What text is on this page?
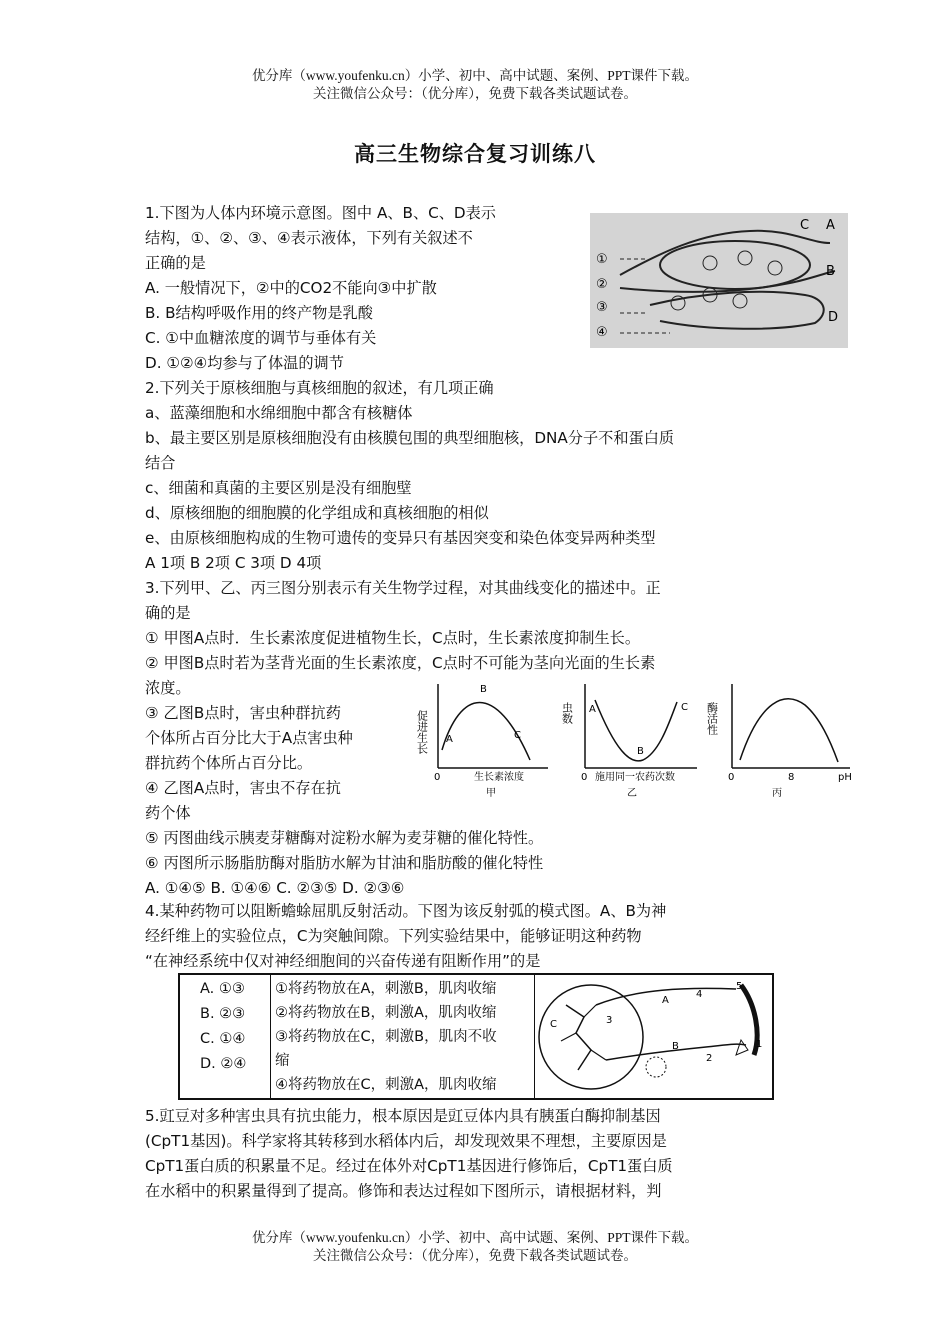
优分库（www.youfenku.cn）小学、初中、高中试题、案例、PPT课件下载。
关注微信公众号：（优分库），免费下载各类试题试卷。
高三生物综合复习训练八
1.下图为人体内环境示意图。图中 A、B、C、D表示
结构，①、②、③、④表示液体，下列有关叙述不
正确的是
A. 一般情况下，②中的CO2不能向③中扩散
B. B结构呼吸作用的终产物是乳酸
C. ①中血糖浓度的调节与垂体有关
D. ①②④均参与了体温的调节
C A
B
D
①
②
③
④
2.下列关于原核细胞与真核细胞的叙述，有几项正确
a、蓝藻细胞和水绵细胞中都含有核糖体
b、最主要区别是原核细胞没有由核膜包围的典型细胞核，DNA分子不和蛋白质
结合
c、细菌和真菌的主要区别是没有细胞壁
d、原核细胞的细胞膜的化学组成和真核细胞的相似
e、由原核细胞构成的生物可遗传的变异只有基因突变和染色体变异两种类型
A 1项 B 2项 C 3项 D 4项
3.下列甲、乙、丙三图分别表示有关生物学过程，对其曲线变化的描述中。正
确的是
① 甲图A点时．生长素浓度促进植物生长，C点时，生长素浓度抑制生长。
② 甲图B点时若为茎背光面的生长素浓度，C点时不可能为茎向光面的生长素
浓度。
③ 乙图B点时，害虫种群抗药
个体所占百分比大于A点害虫种
群抗药个体所占百分比。
④ 乙图A点时，害虫不存在抗
药个体
⑤ 丙图曲线示胰麦芽糖酶对淀粉水解为麦芽糖的催化特性。
⑥ 丙图所示肠脂肪酶对脂肪水解为甘油和脂肪酸的催化特性
A. ①④⑤ B. ①④⑥ C. ②③⑤ D. ②③⑥
促进生长 A
B
C
0	生长素浓度
甲
虫数 A
B
C
0 施用同一农药次数
乙
酶活性
0	8	pH
丙
4.某种药物可以阻断蟾蜍屈肌反射活动。下图为该反射弧的模式图。A、B为神
经纤维上的实验位点，C为突触间隙。下列实验结果中，能够证明这种药物
“在神经系统中仅对神经细胞间的兴奋传递有阻断作用”的是
A. ①③
B. ②③
C. ①④
D. ②④
①将药物放在A，刺激B，肌肉收缩
②将药物放在B，刺激A，肌肉收缩
③将药物放在C，刺激B，肌肉不收
缩
④将药物放在C，刺激A，肌肉收缩
5
4
3
C
B
A
2
1
5.豇豆对多种害虫具有抗虫能力，根本原因是豇豆体内具有胰蛋白酶抑制基因
(CpT1基因)。科学家将其转移到水稻体内后，却发现效果不理想，主要原因是
CpT1蛋白质的积累量不足。经过在体外对CpT1基因进行修饰后，CpT1蛋白质
在水稻中的积累量得到了提高。修饰和表达过程如下图所示，请根据材料，判
优分库（www.youfenku.cn）小学、初中、高中试题、案例、PPT课件下载。
关注微信公众号：（优分库），免费下载各类试题试卷。
